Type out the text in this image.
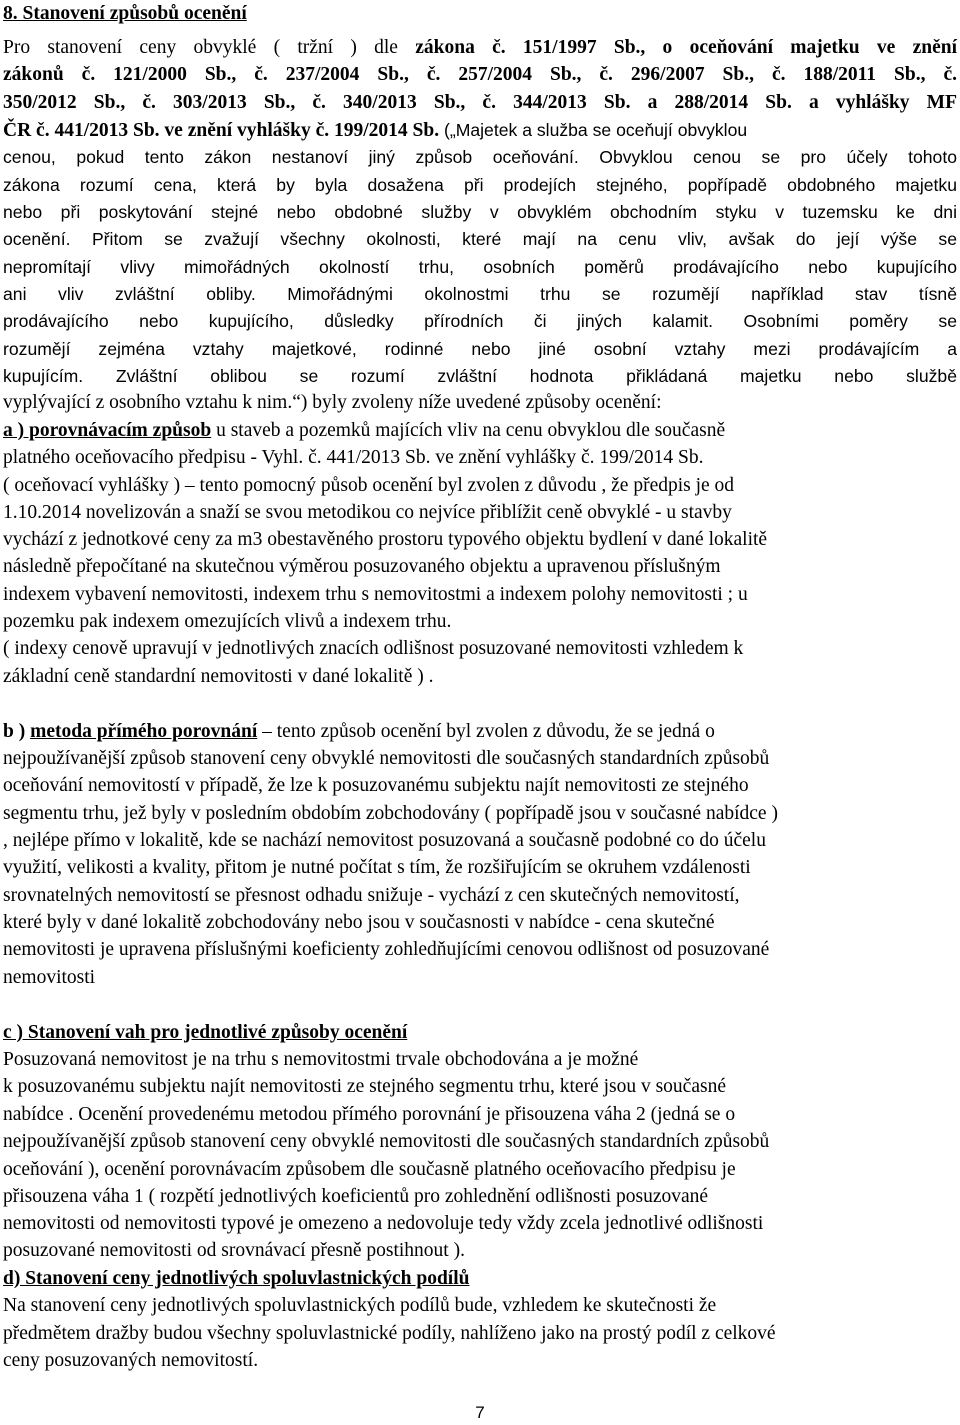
8. Stanovení způsobů ocenění
Pro stanovení ceny obvyklé ( tržní ) dle zákona č. 151/1997 Sb., o oceňování majetku ve znění
zákonů č. 121/2000 Sb., č. 237/2004 Sb., č. 257/2004 Sb., č. 296/2007 Sb., č. 188/2011 Sb., č.
350/2012 Sb., č. 303/2013 Sb., č. 340/2013 Sb., č. 344/2013 Sb. a 288/2014 Sb. a vyhlášky MF
ČR č. 441/2013 Sb. ve znění vyhlášky č. 199/2014 Sb. („Majetek a služba se oceňují obvyklou
cenou, pokud tento zákon nestanoví jiný způsob oceňování. Obvyklou cenou se pro účely tohoto
zákona rozumí cena, která by byla dosažena při prodejích stejného, popřípadě obdobného majetku
nebo při poskytování stejné nebo obdobné služby v obvyklém obchodním styku v tuzemsku ke dni
ocenění. Přitom se zvažují všechny okolnosti, které mají na cenu vliv, avšak do její výše se
nepromítají vlivy mimořádných okolností trhu, osobních poměrů prodávajícího nebo kupujícího
ani vliv zvláštní obliby. Mimořádnými okolnostmi trhu se rozumějí například stav tísně
prodávajícího nebo kupujícího, důsledky přírodních či jiných kalamit. Osobními poměry se
rozumějí zejména vztahy majetkové, rodinné nebo jiné osobní vztahy mezi prodávajícím a
kupujícím. Zvláštní oblibou se rozumí zvláštní hodnota přikládaná majetku nebo službě
vyplývající z osobního vztahu k nim.“) byly zvoleny níže uvedené způsoby ocenění:
a ) porovnávacím způsob u staveb a pozemků majících vliv na cenu obvyklou dle současně
platného oceňovacího předpisu - Vyhl. č. 441/2013 Sb. ve znění vyhlášky č. 199/2014 Sb.
( oceňovací vyhlášky ) – tento pomocný působ ocenění byl zvolen z důvodu , že předpis je od
1.10.2014 novelizován a snaží se svou metodikou co nejvíce přiblížit ceně obvyklé - u stavby
vychází z jednotkové ceny za m3 obestavěného prostoru typového objektu bydlení v dané lokalitě
následně přepočítané na skutečnou výměrou posuzovaného objektu a upravenou příslušným
indexem vybavení nemovitosti, indexem trhu s nemovitostmi a indexem polohy nemovitosti ; u
pozemku pak indexem omezujících vlivů a indexem trhu.
( indexy cenově upravují v jednotlivých znacích odlišnost posuzované nemovitosti vzhledem k
základní ceně standardní nemovitosti v dané lokalitě ) .
b ) metoda přímého porovnání – tento způsob ocenění byl zvolen z důvodu, že se jedná o
nejpoužívanější způsob stanovení ceny obvyklé nemovitosti dle současných standardních způsobů
oceňování nemovitostí v případě, že lze k posuzovanému subjektu najít nemovitosti ze stejného
segmentu trhu, jež byly v posledním obdobím zobchodovány ( popřípadě jsou v současné nabídce )
, nejlépe přímo v lokalitě, kde se nachází nemovitost posuzovaná a současně podobné co do účelu
využití, velikosti a kvality, přitom je nutné počítat s tím, že rozšiřujícím se okruhem vzdálenosti
srovnatelných nemovitostí se přesnost odhadu snižuje - vychází z cen skutečných nemovitostí,
které byly v dané lokalitě zobchodovány nebo jsou v současnosti v nabídce - cena skutečné
nemovitosti je upravena příslušnými koeficienty zohledňujícími cenovou odlišnost od posuzované
nemovitosti
c ) Stanovení vah pro jednotlivé způsoby ocenění
Posuzovaná nemovitost je na trhu s nemovitostmi trvale obchodována a je možné
k posuzovanému subjektu najít nemovitosti ze stejného segmentu trhu, které jsou v současné
nabídce . Ocenění provedenému metodou přímého porovnání je přisouzena váha 2 (jedná se o
nejpoužívanější způsob stanovení ceny obvyklé nemovitosti dle současných standardních způsobů
oceňování ), ocenění porovnávacím způsobem dle současně platného oceňovacího předpisu je
přisouzena váha 1 ( rozpětí jednotlivých koeficientů pro zohlednění odlišnosti posuzované
nemovitosti od nemovitosti typové je omezeno a nedovoluje tedy vždy zcela jednotlivé odlišnosti
posuzované nemovitosti od srovnávací přesně postihnout ).
d) Stanovení ceny jednotlivých spoluvlastnických podílů
Na stanovení ceny jednotlivých spoluvlastnických podílů bude, vzhledem ke skutečnosti že
předmětem dražby budou všechny spoluvlastnické podíly, nahlíženo jako na prostý podíl z celkové
ceny posuzovaných nemovitostí.
7
